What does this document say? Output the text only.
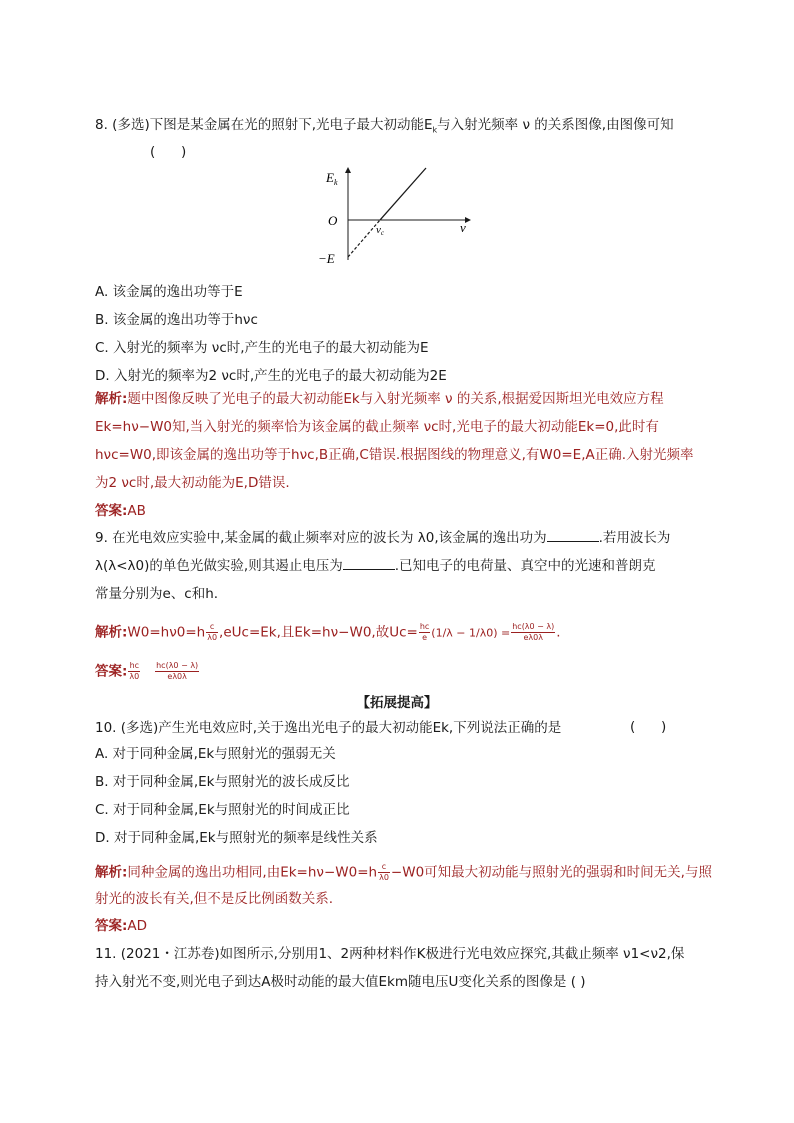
8. (多选)下图是某金属在光的照射下,光电子最大初动能$E_k$与入射光频率 ν 的关系图像,由图像可知
(      )
$E_k$
O
νc	ν
−E
A. 该金属的逸出功等于E
B. 该金属的逸出功等于hνc
C. 入射光的频率为 νc时,产生的光电子的最大初动能为E
D. 入射光的频率为2 νc时,产生的光电子的最大初动能为2E
解析:题中图像反映了光电子的最大初动能Ek与入射光频率 ν 的关系,根据爱因斯坦光电效应方程
Ek=hν−W0知,当入射光的频率恰为该金属的截止频率 νc时,光电子的最大初动能Ek=0,此时有
hνc=W0,即该金属的逸出功等于hνc,B正确,C错误.根据图线的物理意义,有W0=E,A正确.入射光频率
为2 νc时,最大初动能为E,D错误.
答案:AB
9. 在光电效应实验中,某金属的截止频率对应的波长为 λ0,该金属的逸出功为	.若用波长为
λ(λ<λ0)的单色光做实验,则其遏止电压为	.已知电子的电荷量、真空中的光速和普朗克
常量分别为e、c和h.
解析:W0=hν0=h $\frac{c}{\lambda 0} ,eUc=Ek$,且Ek=hν−W0,故$Uc= \frac{hc}{e} (1/\lambda - 1/\lambda 0) = \frac{hc(\lambda 0 - \lambda)}{e\lambda 0\lambda}$ .
答案: $\frac{hc}{\lambda 0}$
$\frac{hc(\lambda 0 - \lambda)}{e\lambda 0\lambda}$
【拓展提高】
10. (多选)产生光电效应时,关于逸出光电子的最大初动能Ek,下列说法正确的是	(      )
A. 对于同种金属,Ek与照射光的强弱无关
B. 对于同种金属,Ek与照射光的波长成反比
C. 对于同种金属,Ek与照射光的时间成正比
D. 对于同种金属,Ek与照射光的频率是线性关系
解析:同种金属的逸出功相同,由$Ek=h\nu-W0=h \frac{c}{\lambda 0} -W0$可知最大初动能与照射光的强弱和时间无关,与照
射光的波长有关,但不是反比例函数关系.
答案:AD
11. (2021・江苏卷)如图所示,分别用1、2两种材料作K极进行光电效应探究,其截止频率 ν1<ν2,保
持入射光不变,则光电子到达A极时动能的最大值Ekm随电压U变化关系的图像是 ( )
